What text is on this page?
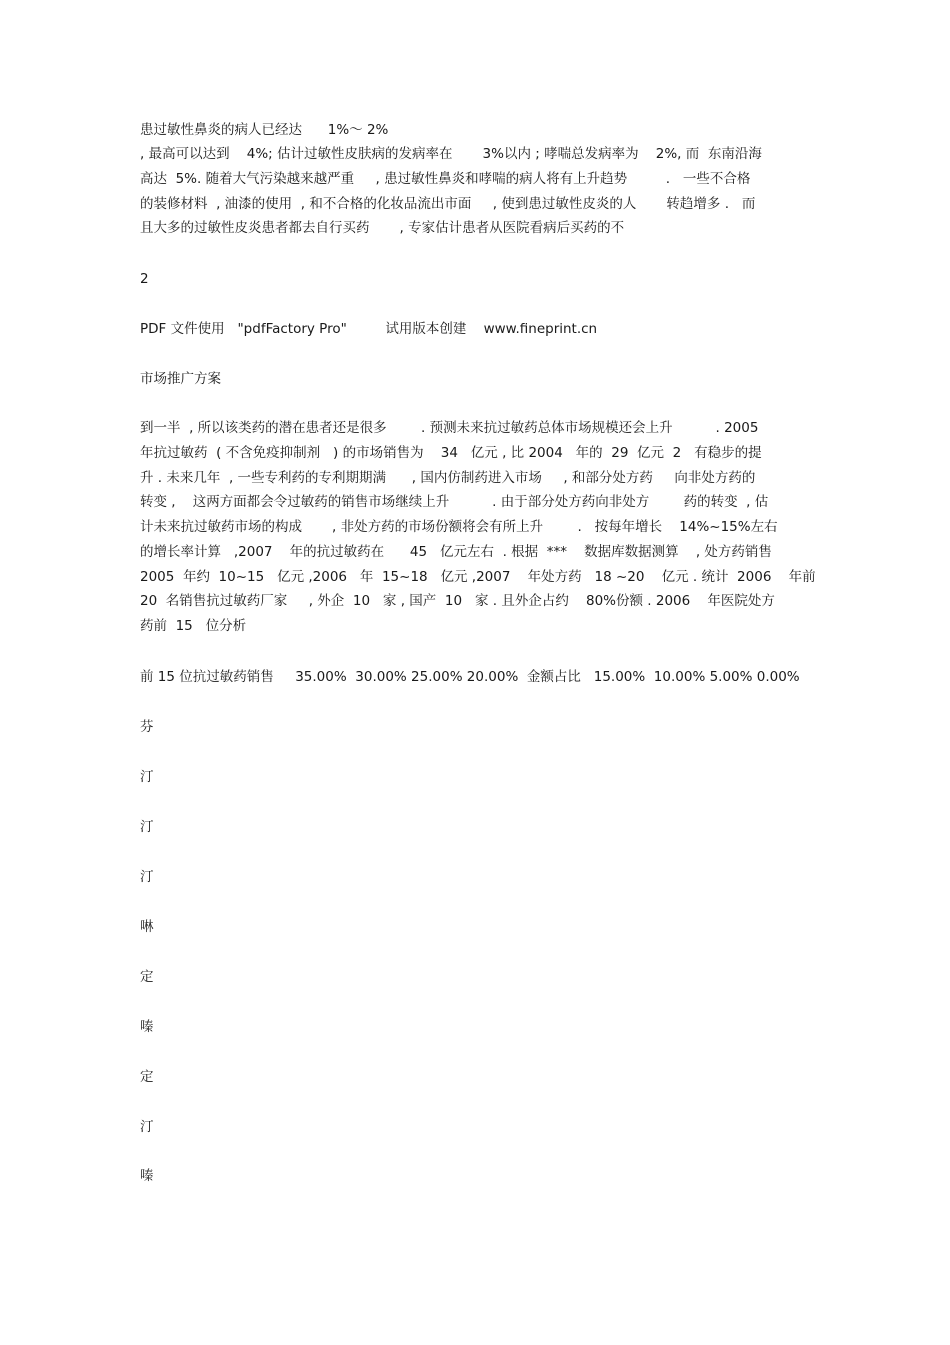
患过敏性鼻炎的病人已经达      1%～ 2%
, 最高可以达到    4%; 估计过敏性皮肤病的发病率在       3%以内 ; 哮喘总发病率为    2%, 而  东南沿海
高达  5%. 随着大气污染越来越严重     , 患过敏性鼻炎和哮喘的病人将有上升趋势         .   一些不合格
的装修材料  , 油漆的使用  , 和不合格的化妆品流出市面     , 使到患过敏性皮炎的人       转趋增多 .   而
且大多的过敏性皮炎患者都去自行买药       , 专家估计患者从医院看病后买药的不
2
PDF 文件使用   "pdfFactory Pro"         试用版本创建    www.fineprint.cn
市场推广方案
到一半  , 所以该类药的潜在患者还是很多        . 预测未来抗过敏药总体市场规模还会上升          . 2005
年抗过敏药  ( 不含免疫抑制剂   ) 的市场销售为    34   亿元 , 比 2004   年的  29  亿元  2   有稳步的提
升 . 未来几年  , 一些专利药的专利期期满      , 国内仿制药进入市场     , 和部分处方药     向非处方药的
转变 ,    这两方面都会令过敏药的销售市场继续上升          . 由于部分处方药向非处方        药的转变  , 估
计未来抗过敏药市场的构成       , 非处方药的市场份额将会有所上升        .   按每年增长    14%~15%左右
的增长率计算   ,2007    年的抗过敏药在      45   亿元左右  . 根据  ***    数据库数据测算    , 处方药销售
2005  年约  10~15   亿元 ,2006   年  15~18   亿元 ,2007    年处方药   18 ~20    亿元 . 统计  2006    年前
20  名销售抗过敏药厂家     , 外企  10   家 , 国产  10   家 . 且外企占约    80%份额 . 2006    年医院处方
药前  15   位分析
前 15 位抗过敏药销售     35.00%  30.00% 25.00% 20.00%  金额占比   15.00%  10.00% 5.00% 0.00%
芬
汀
汀
汀
啉
定
嗪
定
汀
嗪
